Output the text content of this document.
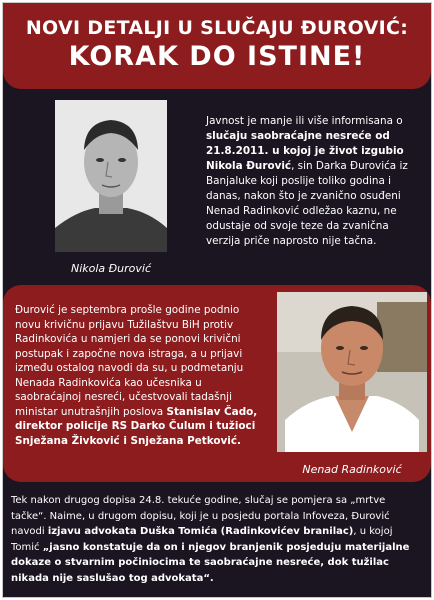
NOVI DETALJI U SLUČAJU ĐUROVIĆ:
KORAK DO ISTINE!
Nikola Đurović
Javnost je manje ili više informisana o
slučaju saobraćajne nesreće od
21.8.2011. u kojoj je život izgubio
Nikola Đurović, sin Darka Đurovića iz
Banjaluke koji poslije toliko godina i
danas, nakon što je zvanično osuđeni
Nenad Radinković odležao kaznu, ne
odustaje od svoje teze da zvanična
verzija priče naprosto nije tačna.
Đurović je septembra prošle godine podnio
novu krivičnu prijavu Tužilaštvu BiH protiv
Radinkovića u namjeri da se ponovi krivični
postupak i započne nova istraga, a u prijavi
između ostalog navodi da su, u podmetanju
Nenada Radinkovića kao učesnika u
saobraćajnoj nesreći, učestvovali tadašnji
ministar unutrašnjih poslova Stanislav Čado,
direktor policije RS Darko Čulum i tužioci
Snježana Živković i Snježana Petković.
Nenad Radinković
Tek nakon drugog dopisa 24.8. tekuće godine, slučaj se pomjera sa „mrtve
tačke“. Naime, u drugom dopisu, koji je u posjedu portala Infoveza, Đurović
navodi izjavu advokata Duška Tomića (Radinkovićev branilac), u kojoj
Tomić „jasno konstatuje da on i njegov branjenik posjeduju materijalne
dokaze o stvarnim počiniocima te saobraćajne nesreće, dok tužilac
nikada nije saslušao tog advokata“.
